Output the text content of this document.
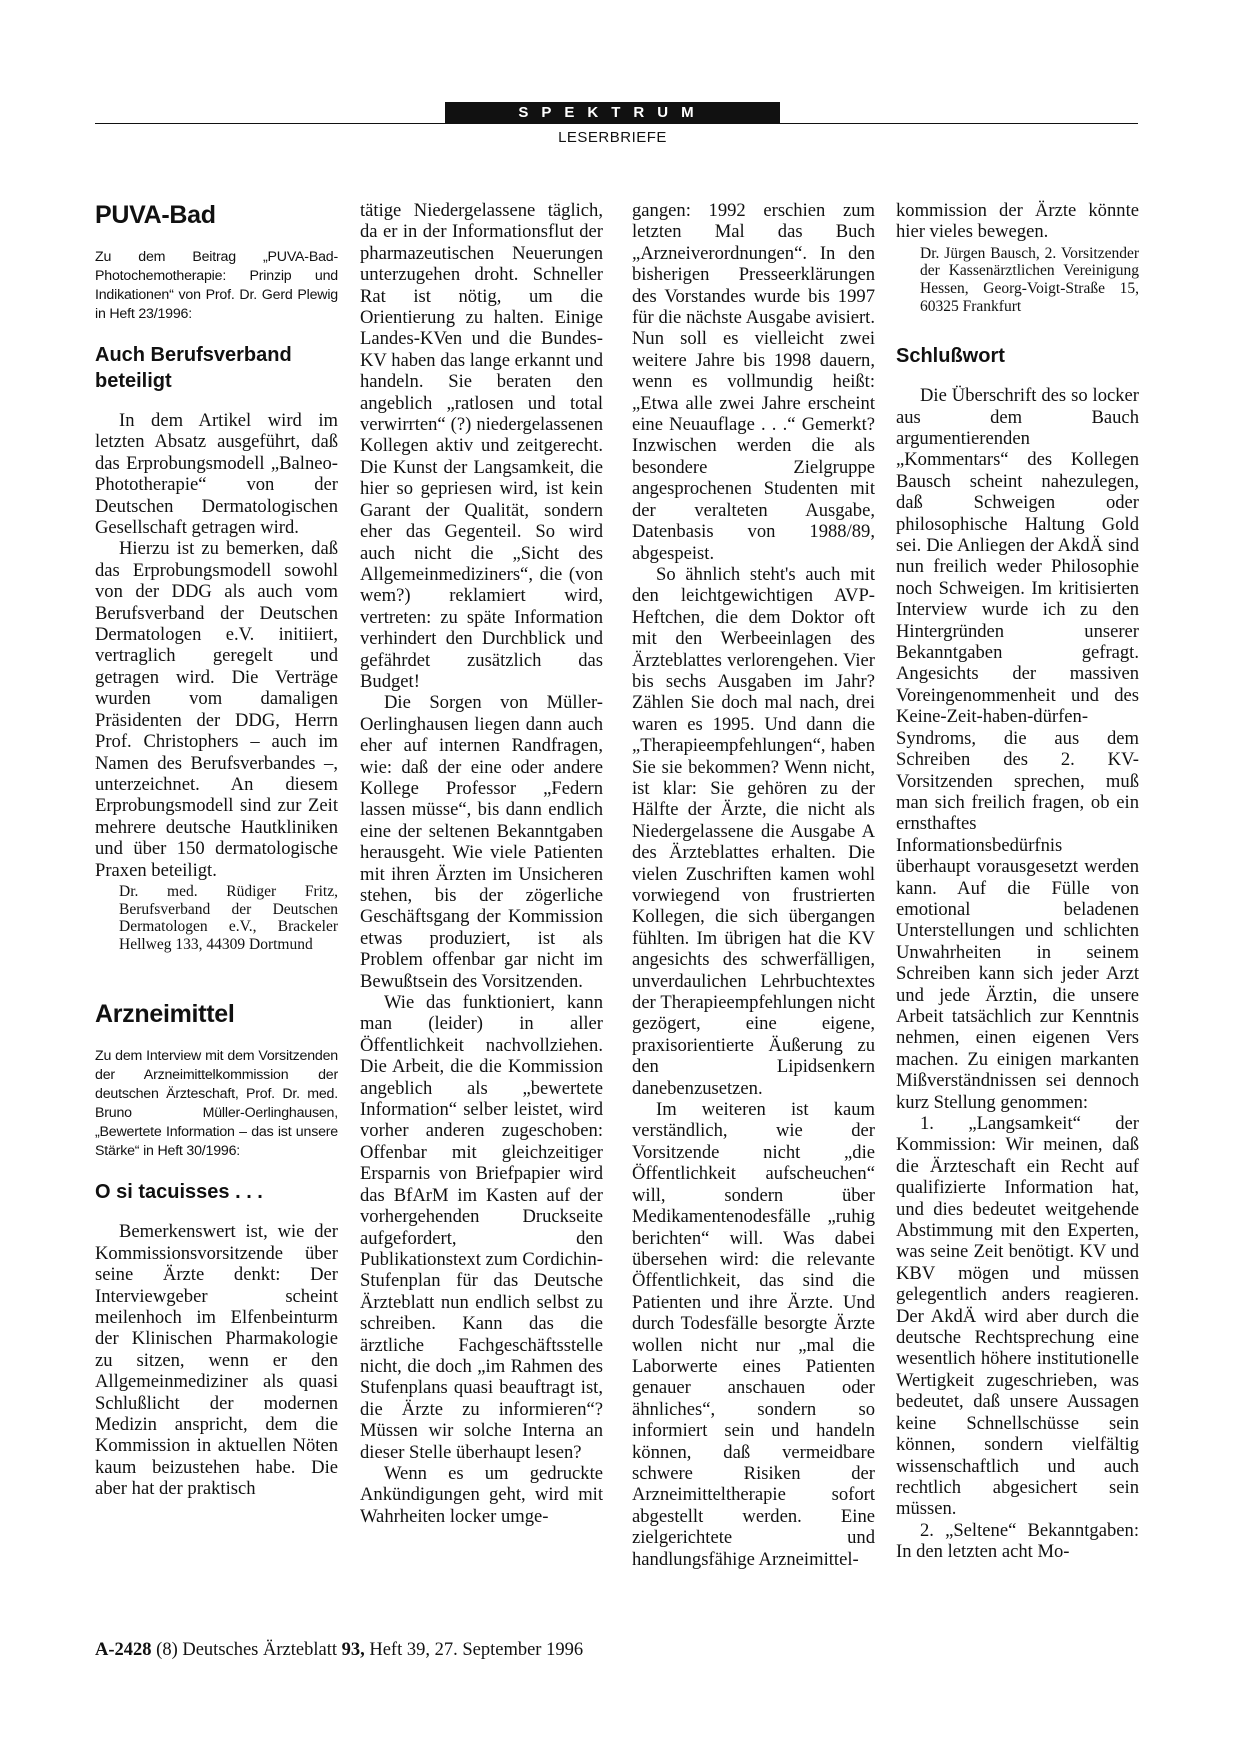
SPEKTRUM
LESERBRIEFE
PUVA-Bad
Zu dem Beitrag „PUVA-Bad-Photochemotherapie: Prinzip und Indikationen“ von Prof. Dr. Gerd Plewig in Heft 23/1996:
Auch Berufsverband beteiligt

In dem Artikel wird im letzten Absatz ausgeführt, daß das Erprobungsmodell „Balneo-Phototherapie“ von der Deutschen Dermatologischen Gesellschaft getragen wird.

Hierzu ist zu bemerken, daß das Erprobungsmodell sowohl von der DDG als auch vom Berufsverband der Deutschen Dermatologen e.V. initiiert, vertraglich geregelt und getragen wird. Die Verträge wurden vom damaligen Präsidenten der DDG, Herrn Prof. Christophers – auch im Namen des Berufsverbandes –, unterzeichnet. An diesem Erprobungsmodell sind zur Zeit mehrere deutsche Hautkliniken und über 150 dermatologische Praxen beteiligt.

Dr. med. Rüdiger Fritz, Berufsverband der Deutschen Dermatologen e.V., Brackeler Hellweg 133, 44309 Dortmund
Arzneimittel
Zu dem Interview mit dem Vorsitzenden der Arzneimittelkommission der deutschen Ärzteschaft, Prof. Dr. med. Bruno Müller-Oerlinghausen, „Bewertete Information – das ist unsere Stärke“ in Heft 30/1996:
O si tacuisses . . .

Bemerkenswert ist, wie der Kommissionsvorsitzende über seine Ärzte denkt: Der Interviewgeber scheint meilenhoch im Elfenbeinturm der Klinischen Pharmakologie zu sitzen, wenn er den Allgemeinmediziner als quasi Schlußlicht der modernen Medizin anspricht, dem die Kommission in aktuellen Nöten kaum beizustehen habe. Die aber hat der praktisch

tätige Niedergelassene täglich, da er in der Informationsflut der pharmazeutischen Neuerungen unterzugehen droht. Schneller Rat ist nötig, um die Orientierung zu halten. Einige Landes-KVen und die Bundes-KV haben das lange erkannt und handeln. Sie beraten den angeblich „ratlosen und total verwirrten“ (?) niedergelassenen Kollegen aktiv und zeitgerecht. Die Kunst der Langsamkeit, die hier so gepriesen wird, ist kein Garant der Qualität, sondern eher das Gegenteil. So wird auch nicht die „Sicht des Allgemeinmediziners“, die (von wem?) reklamiert wird, vertreten: zu späte Information verhindert den Durchblick und gefährdet zusätzlich das Budget!

Die Sorgen von Müller-Oerlinghausen liegen dann auch eher auf internen Randfragen, wie: daß der eine oder andere Kollege Professor „Federn lassen müsse“, bis dann endlich eine der seltenen Bekanntgaben herausgeht. Wie viele Patienten mit ihren Ärzten im Unsicheren stehen, bis der zögerliche Geschäftsgang der Kommission etwas produziert, ist als Problem offenbar gar nicht im Bewußtsein des Vorsitzenden.

Wie das funktioniert, kann man (leider) in aller Öffentlichkeit nachvollziehen. Die Arbeit, die die Kommission angeblich als „bewertete Information“ selber leistet, wird vorher anderen zugeschoben: Offenbar mit gleichzeitiger Ersparnis von Briefpapier wird das BfArM im Kasten auf der vorhergehenden Druckseite aufgefordert, den Publikationstext zum Cordichin-Stufenplan für das Deutsche Ärzteblatt nun endlich selbst zu schreiben. Kann das die ärztliche Fachgeschäftsstelle nicht, die doch „im Rahmen des Stufenplans quasi beauftragt ist, die Ärzte zu informieren“? Müssen wir solche Interna an dieser Stelle überhaupt lesen?

Wenn es um gedruckte Ankündigungen geht, wird mit Wahrheiten locker umge-

gangen: 1992 erschien zum letzten Mal das Buch „Arzneiverordnungen“. In den bisherigen Presseerklärungen des Vorstandes wurde bis 1997 für die nächste Ausgabe avisiert. Nun soll es vielleicht zwei weitere Jahre bis 1998 dauern, wenn es vollmundig heißt: „Etwa alle zwei Jahre erscheint eine Neuauflage . . .“ Gemerkt? Inzwischen werden die als besondere Zielgruppe angesprochenen Studenten mit der veralteten Ausgabe, Datenbasis von 1988/89, abgespeist.

So ähnlich steht's auch mit den leichtgewichtigen AVP-Heftchen, die dem Doktor oft mit den Werbeeinlagen des Ärzteblattes verlorengehen. Vier bis sechs Ausgaben im Jahr? Zählen Sie doch mal nach, drei waren es 1995. Und dann die „Therapieempfehlungen“, haben Sie sie bekommen? Wenn nicht, ist klar: Sie gehören zu der Hälfte der Ärzte, die nicht als Niedergelassene die Ausgabe A des Ärzteblattes erhalten. Die vielen Zuschriften kamen wohl vorwiegend von frustrierten Kollegen, die sich übergangen fühlten. Im übrigen hat die KV angesichts des schwerfälligen, unverdaulichen Lehrbuchtextes der Therapieempfehlungen nicht gezögert, eine eigene, praxisorientierte Äußerung zu den Lipidsenkern danebenzusetzen.

Im weiteren ist kaum verständlich, wie der Vorsitzende nicht „die Öffentlichkeit aufscheuchen“ will, sondern über Medikamentenodesfälle „ruhig berichten“ will. Was dabei übersehen wird: die relevante Öffentlichkeit, das sind die Patienten und ihre Ärzte. Und durch Todesfälle besorgte Ärzte wollen nicht nur „mal die Laborwerte eines Patienten genauer anschauen oder ähnliches“, sondern so informiert sein und handeln können, daß vermeidbare schwere Risiken der Arzneimitteltherapie sofort abgestellt werden. Eine zielgerichtete und handlungsfähige Arzneimittel-

kommission der Ärzte könnte hier vieles bewegen.

Dr. Jürgen Bausch, 2. Vorsitzender der Kassenärztlichen Vereinigung Hessen, Georg-Voigt-Straße 15, 60325 Frankfurt
Schlußwort

Die Überschrift des so locker aus dem Bauch argumentierenden „Kommentars“ des Kollegen Bausch scheint nahezulegen, daß Schweigen oder philosophische Haltung Gold sei. Die Anliegen der AkdÄ sind nun freilich weder Philosophie noch Schweigen. Im kritisierten Interview wurde ich zu den Hintergründen unserer Bekanntgaben gefragt. Angesichts der massiven Voreingenommenheit und des Keine-Zeit-haben-dürfen-Syndroms, die aus dem Schreiben des 2. KV-Vorsitzenden sprechen, muß man sich freilich fragen, ob ein ernsthaftes Informationsbedürfnis überhaupt vorausgesetzt werden kann. Auf die Fülle von emotional beladenen Unterstellungen und schlichten Unwahrheiten in seinem Schreiben kann sich jeder Arzt und jede Ärztin, die unsere Arbeit tatsächlich zur Kenntnis nehmen, einen eigenen Vers machen. Zu einigen markanten Mißverständnissen sei dennoch kurz Stellung genommen:

1. „Langsamkeit“ der Kommission: Wir meinen, daß die Ärzteschaft ein Recht auf qualifizierte Information hat, und dies bedeutet weitgehende Abstimmung mit den Experten, was seine Zeit benötigt. KV und KBV mögen und müssen gelegentlich anders reagieren. Der AkdÄ wird aber durch die deutsche Rechtsprechung eine wesentlich höhere institutionelle Wertigkeit zugeschrieben, was bedeutet, daß unsere Aussagen keine Schnellschüsse sein können, sondern vielfältig wissenschaftlich und auch rechtlich abgesichert sein müssen.

2. „Seltene“ Bekanntgaben: In den letzten acht Mo-

A-2428 (8) Deutsches Ärzteblatt 93, Heft 39, 27. September 1996
